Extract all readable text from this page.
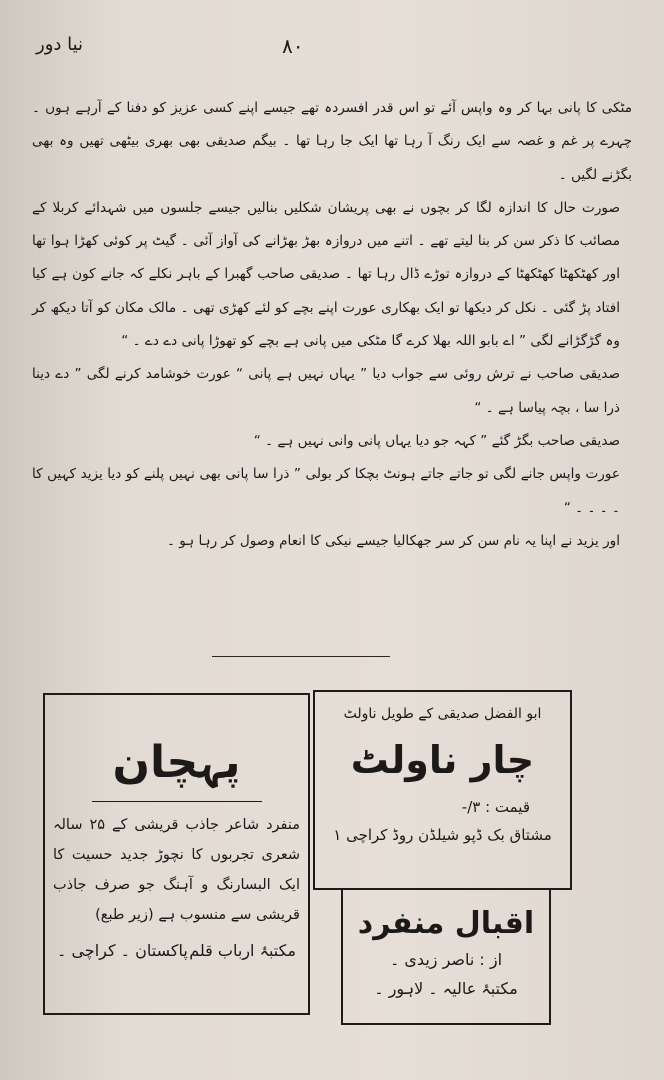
نیا دور	۸۰

مٹکی کا پانی بہا کر وہ واپس آئے تو اس قدر افسردہ تھے جیسے اپنے کسی عزیز کو دفنا کے آرہے ہوں ۔ چہرے پر غم و غصہ سے ایک رنگ آ رہا تھا ایک جا رہا تھا ۔ بیگم صدیقی بھی بھری بیٹھی تھیں وہ بھی بگڑنے لگیں ۔

صورت حال کا اندازہ لگا کر بچوں نے بھی پریشان شکلیں بنالیں جیسے جلسوں میں شہدائے کربلا کے مصائب کا ذکر سن کر بنا لیتے تھے ۔ اتنے میں دروازہ بھڑ بھڑانے کی آواز آئی ۔ گیٹ پر کوئی کھڑا ہوا تھا اور کھٹکھٹا کھٹکھٹا کے دروازہ توڑے ڈال رہا تھا ۔ صدیقی صاحب گھبرا کے باہر نکلے کہ جانے کون ہے کیا افتاد پڑ گئی ۔ نکل کر دیکھا تو ایک بھکاری عورت اپنے بچے کو لئے کھڑی تھی ۔ مالک مکان کو آتا دیکھ کر وہ گڑگڑانے لگی ” اے بابو اللہ بھلا کرے گا مٹکی میں پانی ہے بچے کو تھوڑا پانی دے دے ۔ “

صدیقی صاحب نے ترش روئی سے جواب دیا ” یہاں نہیں ہے پانی “ عورت خوشامد کرنے لگی ” دے دینا ذرا سا ، بچہ پیاسا ہے ۔ “

صدیقی صاحب بگڑ گئے ” کہہ جو دیا یہاں پانی وانی نہیں ہے ۔ “

عورت واپس جانے لگی تو جاتے جاتے ہونٹ بچکا کر بولی ” ذرا سا پانی بھی نہیں پلنے کو دیا یزید کہیں کا ۔ ۔ ۔ ۔ “

اور یزید نے اپنا یہ نام سن کر سر جھکالیا جیسے نیکی کا انعام وصول کر رہا ہو ۔

پہچان
منفرد شاعر جاذب قریشی کے ۲۵ سالہ شعری تجربوں کا نچوڑ جدید حسیت کا ایک البسارنگ و آہنگ جو صرف جاذب قریشی سے منسوب ہے (زیر طبع)
مکتبۂ ارباب قلم
پاکستان ۔ کراچی ۔
ابو الفضل صدیقی کے طویل ناولٹ
چار ناولٹ
قیمت : ۳/-
مشتاق بک ڈپو شیلڈن روڈ کراچی ۱
اقبال منفرد
از : ناصر زیدی ۔
مکتبۂ عالیہ ۔ لاہور ۔
